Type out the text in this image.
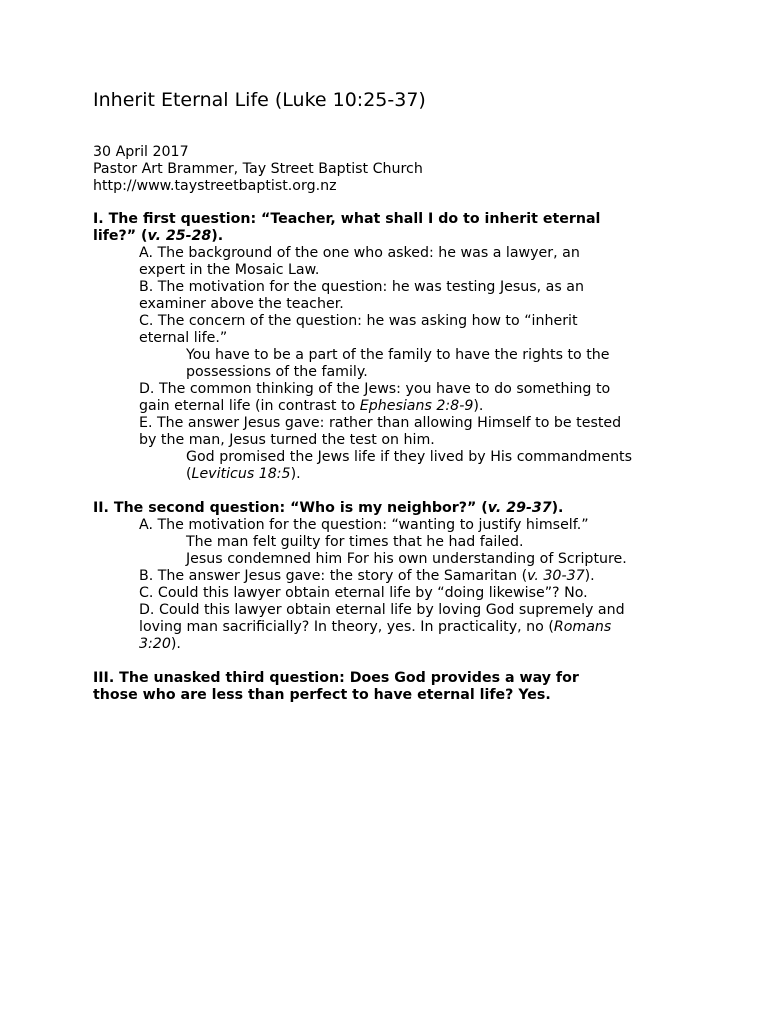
Inherit Eternal Life (Luke 10:25-37)
30 April 2017
Pastor Art Brammer, Tay Street Baptist Church
http://www.taystreetbaptist.org.nz
I. The first question: “Teacher, what shall I do to inherit eternal
life?” (v. 25-28).
A. The background of the one who asked: he was a lawyer, an
expert in the Mosaic Law.
B. The motivation for the question: he was testing Jesus, as an
examiner above the teacher.
C. The concern of the question: he was asking how to “inherit
eternal life.”
You have to be a part of the family to have the rights to the
possessions of the family.
D. The common thinking of the Jews: you have to do something to
gain eternal life (in contrast to Ephesians 2:8-9).
E. The answer Jesus gave: rather than allowing Himself to be tested
by the man, Jesus turned the test on him.
God promised the Jews life if they lived by His commandments
(Leviticus 18:5).
II. The second question: “Who is my neighbor?” (v. 29-37).
A. The motivation for the question: “wanting to justify himself.”
The man felt guilty for times that he had failed.
Jesus condemned him For his own understanding of Scripture.
B. The answer Jesus gave: the story of the Samaritan (v. 30-37).
C. Could this lawyer obtain eternal life by “doing likewise”? No.
D. Could this lawyer obtain eternal life by loving God supremely and
loving man sacrificially? In theory, yes. In practicality, no (Romans
3:20).
III. The unasked third question: Does God provides a way for
those who are less than perfect to have eternal life? Yes.
